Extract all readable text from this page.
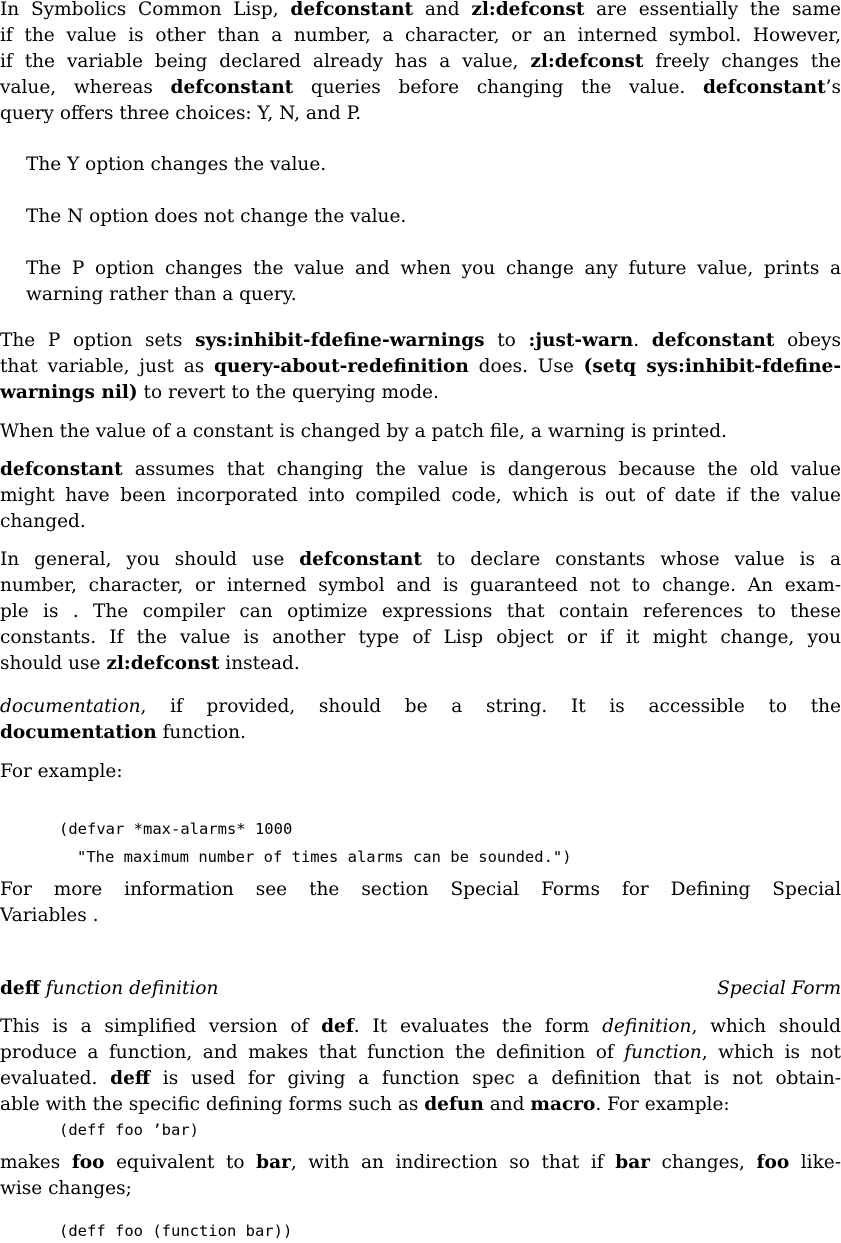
In Symbolics Common Lisp, defconstant and zl:defconst are essentially the same
if the value is other than a number, a character, or an interned symbol. However,
if the variable being declared already has a value, zl:defconst freely changes the
value, whereas defconstant queries before changing the value. defconstant’s
query offers three choices: Y, N, and P.
The Y option changes the value.
The N option does not change the value.
The P option changes the value and when you change any future value, prints a
warning rather than a query.
The P option sets sys:inhibit-fdefine-warnings to :just-warn. defconstant obeys
that variable, just as query-about-redefinition does. Use (setq sys:inhibit-fdefine-
warnings nil) to revert to the querying mode.
When the value of a constant is changed by a patch file, a warning is printed.
defconstant assumes that changing the value is dangerous because the old value
might have been incorporated into compiled code, which is out of date if the value
changed.
In general, you should use defconstant to declare constants whose value is a
number, character, or interned symbol and is guaranteed not to change. An exam-
ple is . The compiler can optimize expressions that contain references to these
constants. If the value is another type of Lisp object or if it might change, you
should use zl:defconst instead.
documentation, if provided, should be a string. It is accessible to the
documentation function.
For example:
(defvar *max-alarms* 1000
"The maximum number of times alarms can be sounded.")
For more information see the section Special Forms for Defining Special
Variables .
deff function definition	Special Form
This is a simplified version of def. It evaluates the form definition, which should
produce a function, and makes that function the definition of function, which is not
evaluated. deff is used for giving a function spec a definition that is not obtain-
able with the specific defining forms such as defun and macro. For example:
(deff foo ’bar)
makes foo equivalent to bar, with an indirection so that if bar changes, foo like-
wise changes;
(deff foo (function bar))
